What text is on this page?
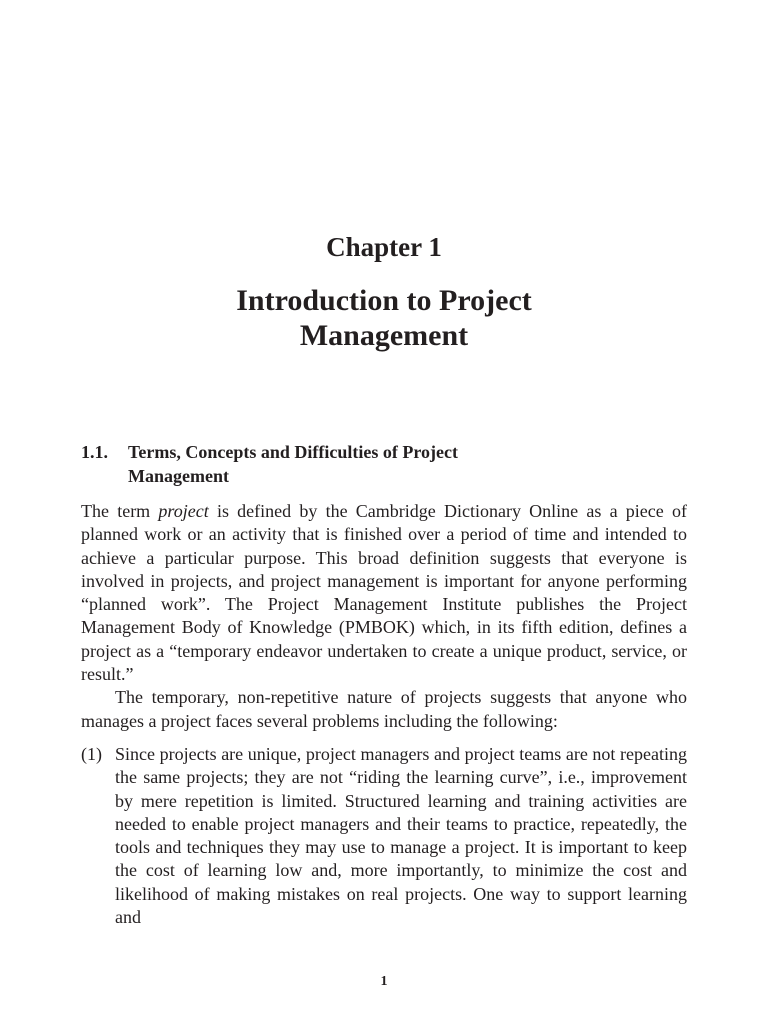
Chapter 1
Introduction to Project
Management
1.1. Terms, Concepts and Difficulties of Project
Management

The term project is defined by the Cambridge Dictionary Online as a piece of planned work or an activity that is finished over a period of time and intended to achieve a particular purpose. This broad definition suggests that everyone is involved in projects, and project management is important for anyone performing “planned work”. The Project Management Institute publishes the Project Management Body of Knowledge (PMBOK) which, in its fifth edition, defines a project as a “temporary endeavor undertaken to create a unique product, service, or result.”

The temporary, non-repetitive nature of projects suggests that anyone who manages a project faces several problems including the following:

(1) Since projects are unique, project managers and project teams are not repeating the same projects; they are not “riding the learning curve”, i.e., improvement by mere repetition is limited. Structured learning and training activities are needed to enable project managers and their teams to practice, repeatedly, the tools and techniques they may use to manage a project. It is important to keep the cost of learning low and, more importantly, to minimize the cost and likelihood of making mistakes on real projects. One way to support learning and
1
